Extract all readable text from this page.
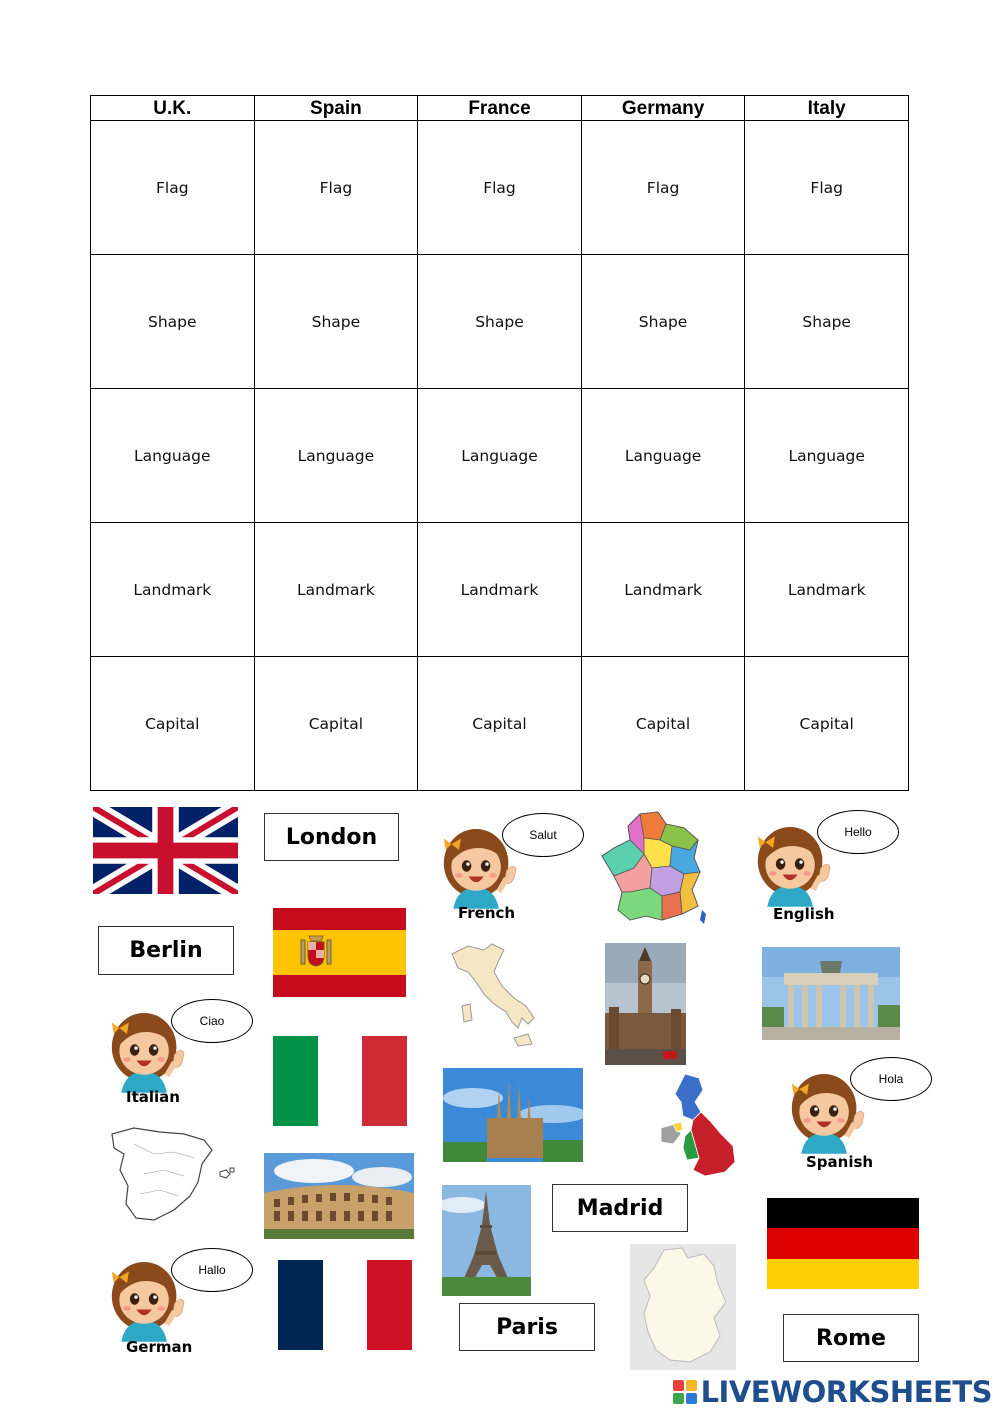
U.K.	Spain	France	Germany	Italy
Flag	Flag	Flag	Flag	Flag
Shape	Shape	Shape	Shape	Shape
Language	Language	Language	Language	Language
Landmark	Landmark	Landmark	Landmark	Landmark
Capital	Capital	Capital	Capital	Capital
London
Berlin
Madrid
Paris	Rome
Salut
French
Hello
English
Ciao
Italian
Hola
Spanish
Hallo
German
LIVEWORKSHEETS
